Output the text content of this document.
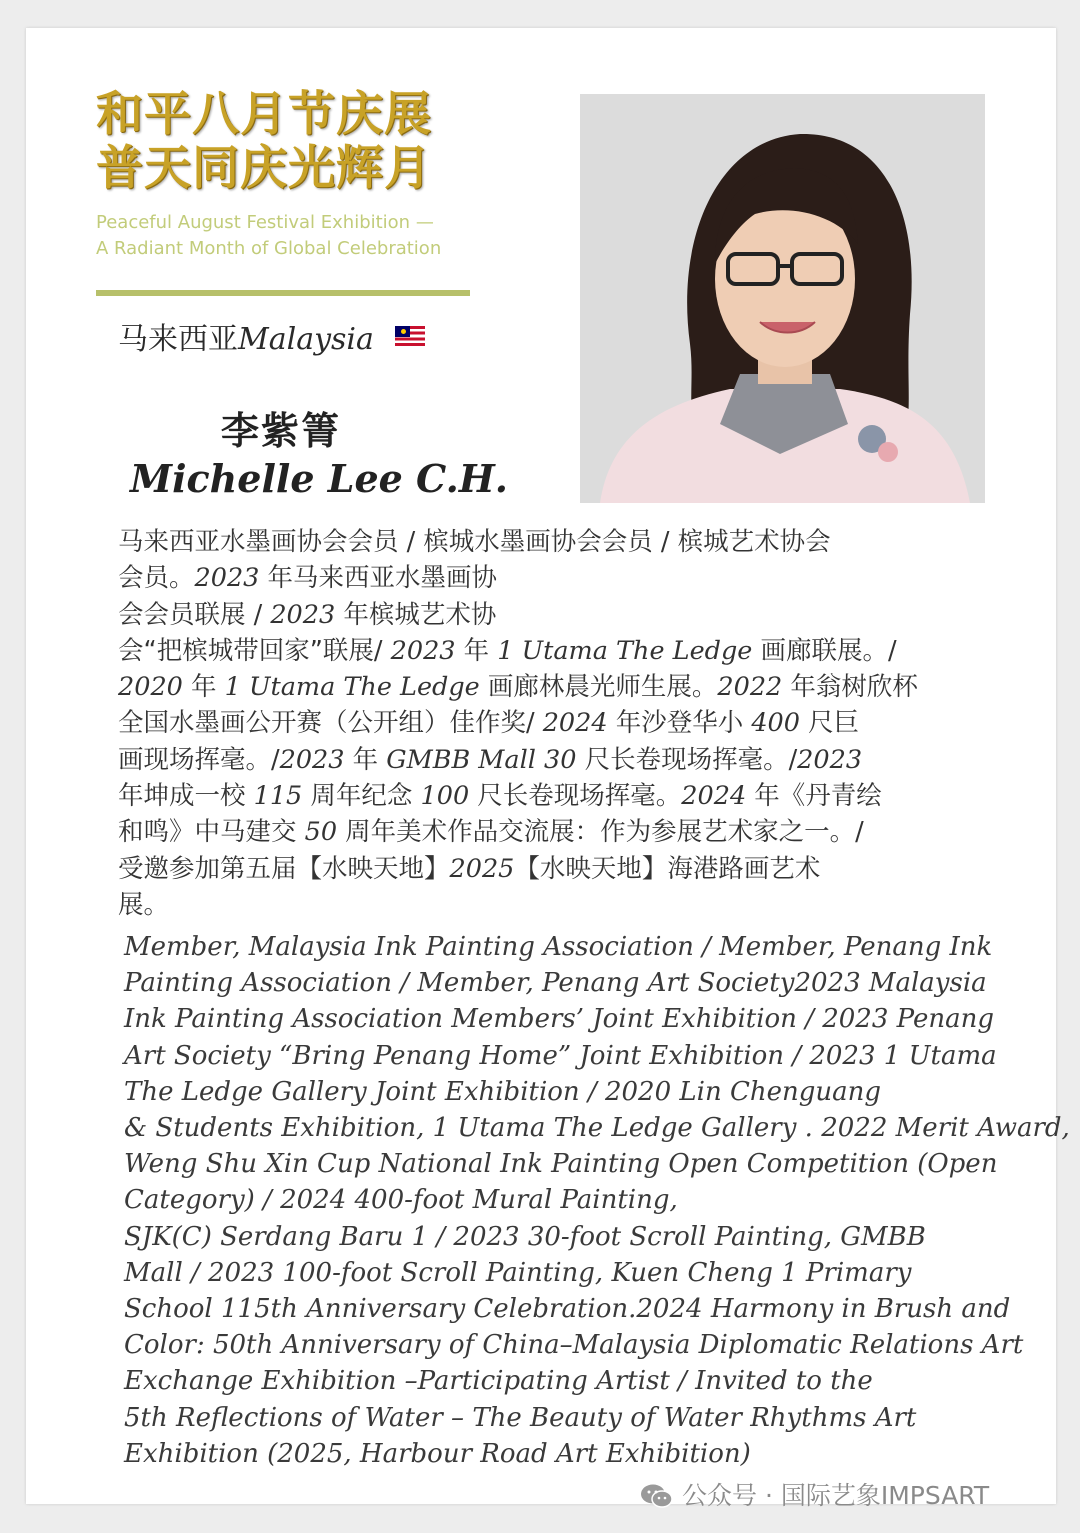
和平八月节庆展
普天同庆光辉月
Peaceful August Festival Exhibition —
A Radiant Month of Global Celebration
马来西亚Malaysia
李紫箐
Michelle Lee C.H.
马来西亚水墨画协会会员 / 槟城水墨画协会会员 / 槟城艺术协会
会员。2023 年马来西亚水墨画协
会会员联展 / 2023 年槟城艺术协
会“把槟城带回家”联展/ 2023 年 1 Utama The Ledge 画廊联展。/
2020 年 1 Utama The Ledge 画廊林晨光师生展。2022 年翁树欣杯
全国水墨画公开赛（公开组）佳作奖/ 2024 年沙登华小 400 尺巨
画现场挥毫。/2023 年 GMBB Mall 30 尺长卷现场挥毫。/2023
年坤成一校 115 周年纪念 100 尺长卷现场挥毫。2024 年《丹青绘
和鸣》中马建交 50 周年美术作品交流展：作为参展艺术家之一。/
受邀参加第五届【水映天地】2025【水映天地】海港路画艺术
展。
Member, Malaysia Ink Painting Association / Member, Penang Ink
Painting Association / Member, Penang Art Society2023 Malaysia
Ink Painting Association Members’ Joint Exhibition / 2023 Penang
Art Society “Bring Penang Home” Joint Exhibition / 2023 1 Utama
The Ledge Gallery Joint Exhibition / 2020 Lin Chenguang
& Students Exhibition, 1 Utama The Ledge Gallery . 2022 Merit Award,
Weng Shu Xin Cup National Ink Painting Open Competition (Open
Category) / 2024 400-foot Mural Painting,
SJK(C) Serdang Baru 1 / 2023 30-foot Scroll Painting, GMBB
Mall / 2023 100-foot Scroll Painting, Kuen Cheng 1 Primary
School 115th Anniversary Celebration.2024 Harmony in Brush and
Color: 50th Anniversary of China–Malaysia Diplomatic Relations Art
Exchange Exhibition –Participating Artist / Invited to the
5th Reflections of Water – The Beauty of Water Rhythms Art
Exhibition (2025, Harbour Road Art Exhibition)
公众号 · 国际艺象IMPSART
